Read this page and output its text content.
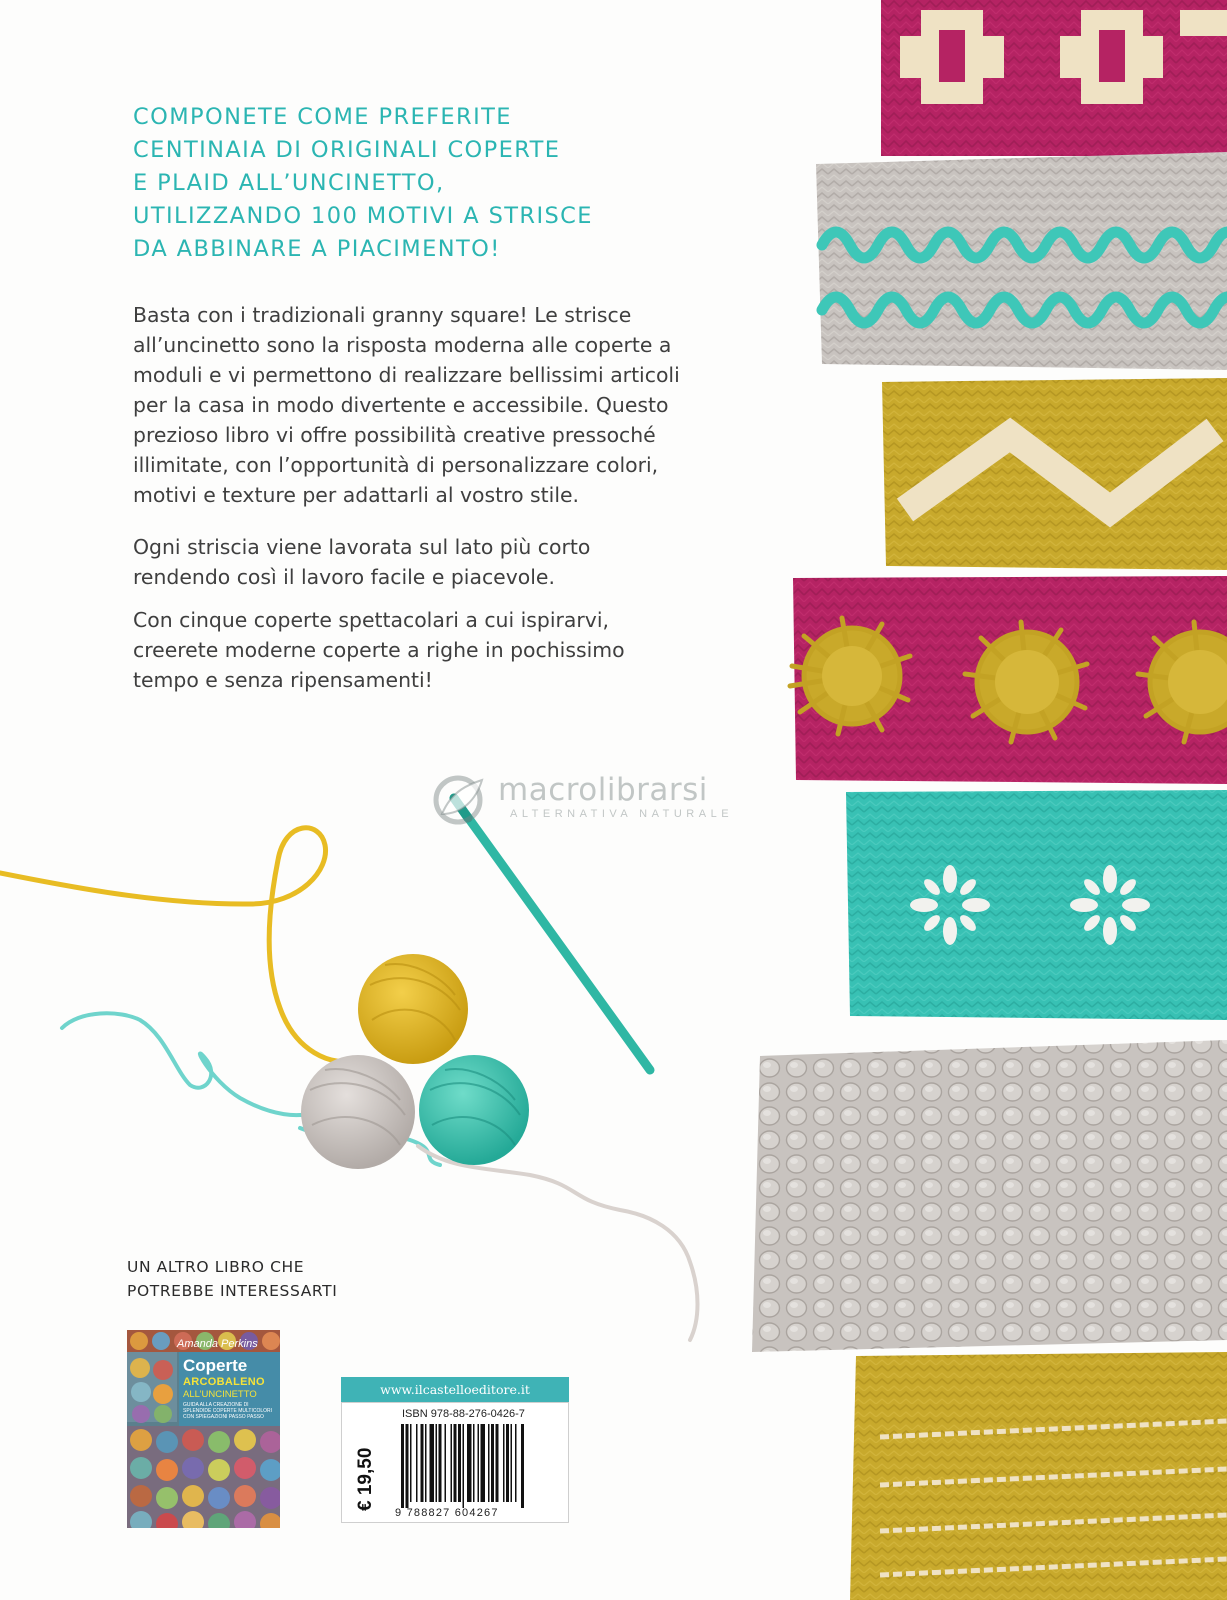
macrolibrarsi
ALTERNATIVA NATURALE
COMPONETE COME PREFERITE
CENTINAIA DI ORIGINALI COPERTE
E PLAID ALL’UNCINETTO,
UTILIZZANDO 100 MOTIVI A STRISCE
DA ABBINARE A PIACIMENTO!

Basta con i tradizionali granny square! Le strisce
all’uncinetto sono la risposta moderna alle coperte a
moduli e vi permettono di realizzare bellissimi articoli
per la casa in modo divertente e accessibile. Questo
prezioso libro vi offre possibilità creative pressoché
illimitate, con l’opportunità di personalizzare colori,
motivi e texture per adattarli al vostro stile.

Ogni striscia viene lavorata sul lato più corto
rendendo così il lavoro facile e piacevole.

Con cinque coperte spettacolari a cui ispirarvi,
creerete moderne coperte a righe in pochissimo
tempo e senza ripensamenti!

UN ALTRO LIBRO CHE
POTREBBE INTERESSARTI

Amanda Perkins
Coperte
ARCOBALENO
ALL’UNCINETTO
GUIDA ALLA CREAZIONE DI SPLENDIDE COPERTE MULTICOLORI CON SPIEGAZIONI PASSO PASSO
www.ilcastelloeditore.it
ISBN 978-88-276-0426-7
€ 19,50
9 788827 604267
